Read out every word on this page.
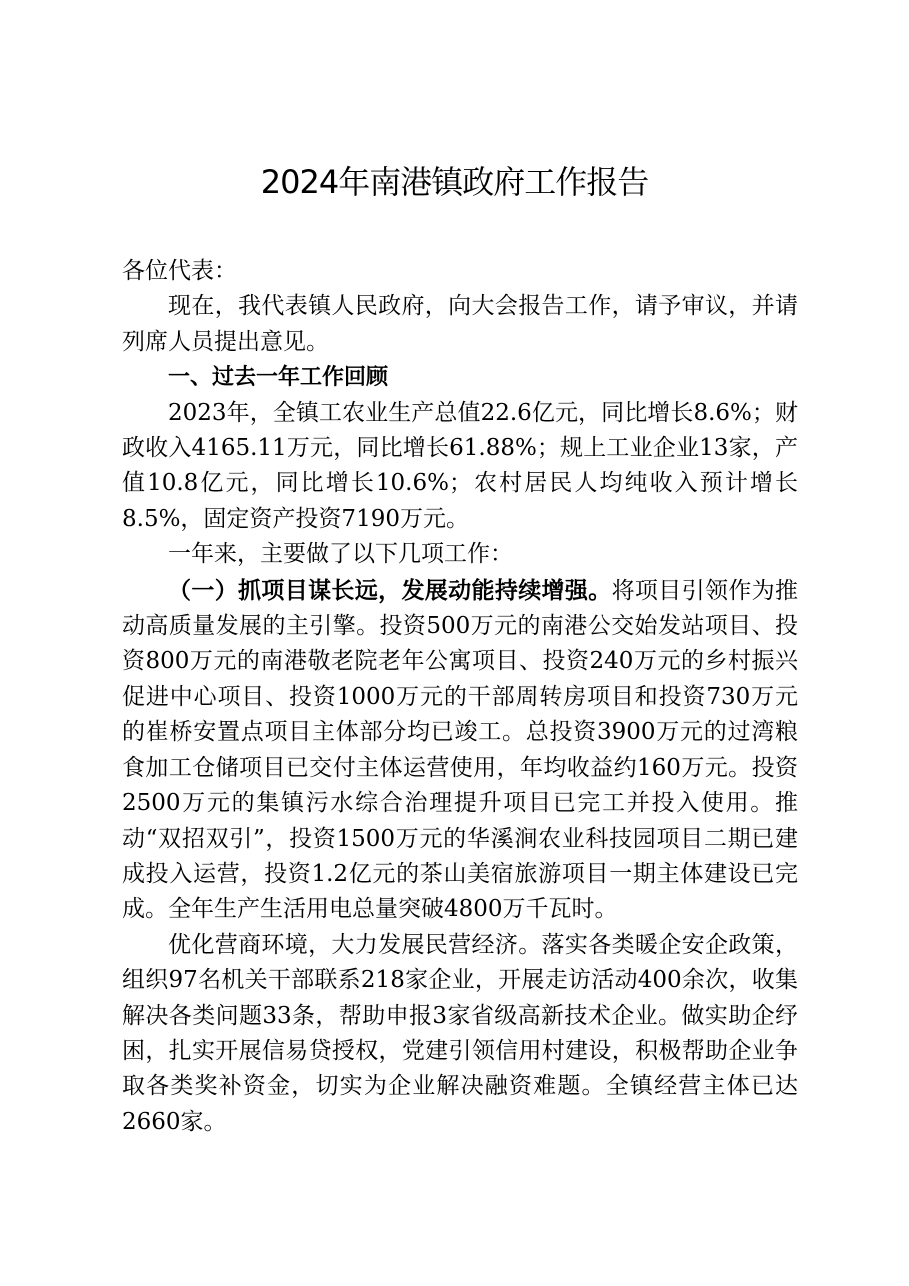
2024年南港镇政府工作报告

各位代表：

现在，我代表镇人民政府，向大会报告工作，请予审议，并请列席人员提出意见。

一、过去一年工作回顾

2023年，全镇工农业生产总值22.6亿元，同比增长8.6%；财政收入4165.11万元，同比增长61.88%；规上工业企业13家，产值10.8亿元，同比增长10.6%；农村居民人均纯收入预计增长8.5%，固定资产投资7190万元。

一年来，主要做了以下几项工作：

（一）抓项目谋长远，发展动能持续增强。将项目引领作为推动高质量发展的主引擎。投资500万元的南港公交始发站项目、投资800万元的南港敬老院老年公寓项目、投资240万元的乡村振兴促进中心项目、投资1000万元的干部周转房项目和投资730万元的崔桥安置点项目主体部分均已竣工。总投资3900万元的过湾粮食加工仓储项目已交付主体运营使用，年均收益约160万元。投资2500万元的集镇污水综合治理提升项目已完工并投入使用。推动“双招双引”，投资1500万元的华溪涧农业科技园项目二期已建成投入运营，投资1.2亿元的茶山美宿旅游项目一期主体建设已完成。全年生产生活用电总量突破4800万千瓦时。

优化营商环境，大力发展民营经济。落实各类暖企安企政策，组织97名机关干部联系218家企业，开展走访活动400余次，收集解决各类问题33条，帮助申报3家省级高新技术企业。做实助企纾困，扎实开展信易贷授权，党建引领信用村建设，积极帮助企业争取各类奖补资金，切实为企业解决融资难题。全镇经营主体已达2660家。
